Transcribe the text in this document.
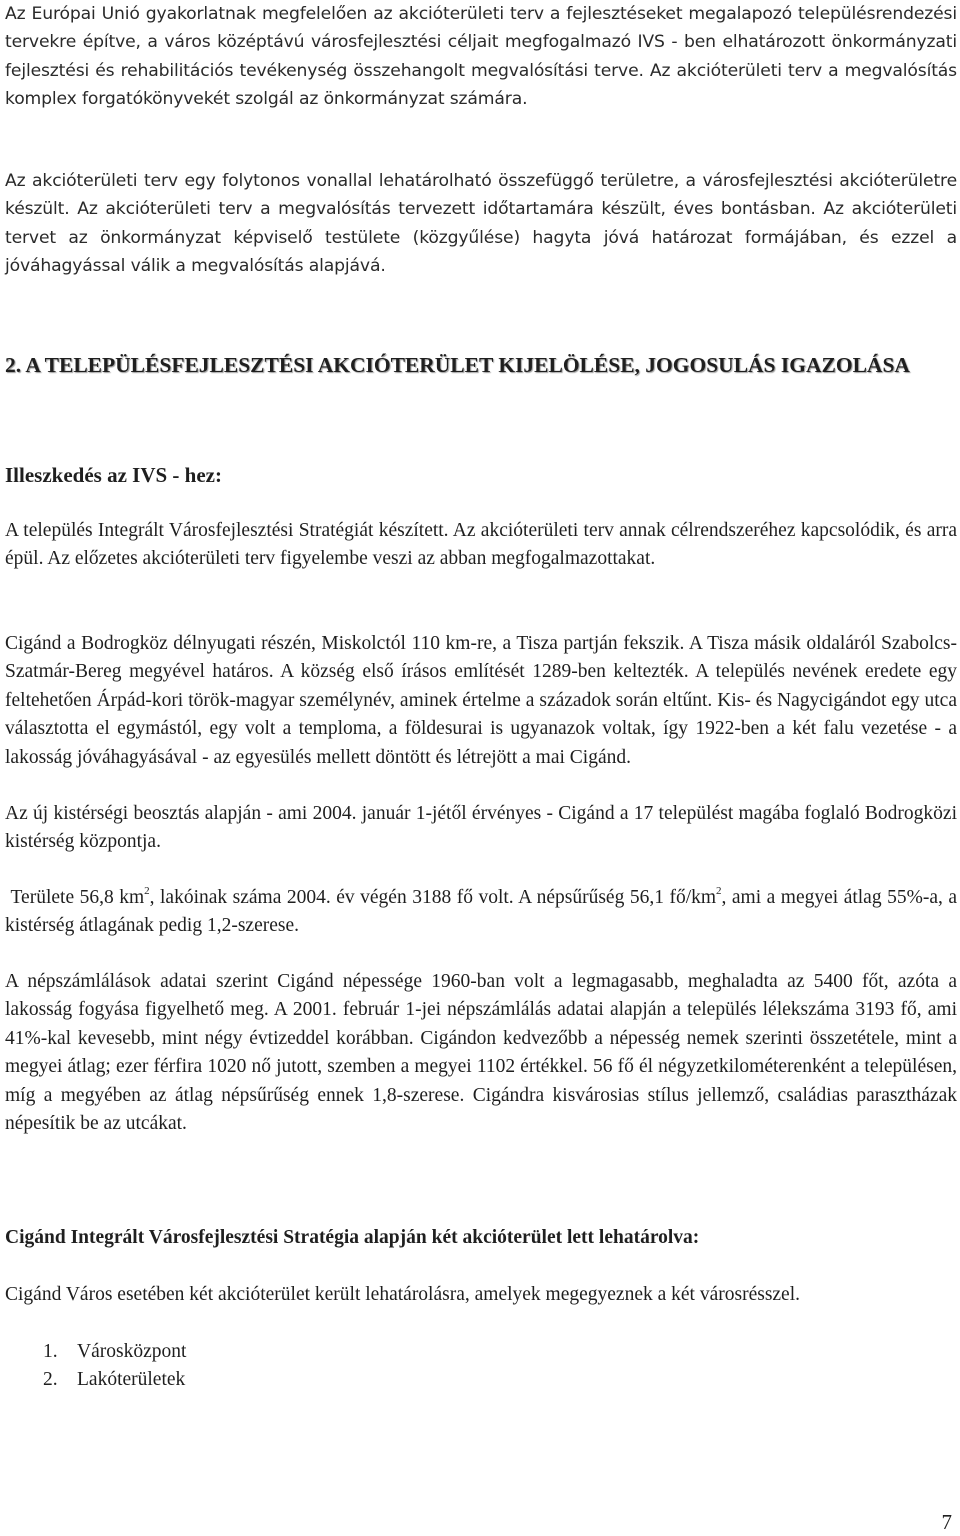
Az Európai Unió gyakorlatnak megfelelően az akcióterületi terv a fejlesztéseket megalapozó településrendezési tervekre építve, a város középtávú városfejlesztési céljait megfogalmazó IVS - ben elhatározott önkormányzati fejlesztési és rehabilitációs tevékenység összehangolt megvalósítási terve. Az akcióterületi terv a megvalósítás komplex forgatókönyvekét szolgál az önkormányzat számára.

Az akcióterületi terv egy folytonos vonallal lehatárolható összefüggő területre, a városfejlesztési akcióterületre készült. Az akcióterületi terv a megvalósítás tervezett időtartamára készült, éves bontásban. Az akcióterületi tervet az önkormányzat képviselő testülete (közgyűlése) hagyta jóvá határozat formájában, és ezzel a jóváhagyással válik a megvalósítás alapjává.

2. A TELEPÜLÉSFEJLESZTÉSI AKCIÓTERÜLET KIJELÖLÉSE, JOGOSULÁS IGAZOLÁSA
Illeszkedés az IVS - hez:

A település Integrált Városfejlesztési Stratégiát készített. Az akcióterületi terv annak célrendszeréhez kapcsolódik, és arra épül. Az előzetes akcióterületi terv figyelembe veszi az abban megfogalmazottakat.

Cigánd a Bodrogköz délnyugati részén, Miskolctól 110 km-re, a Tisza partján fekszik. A Tisza másik oldaláról Szabolcs-Szatmár-Bereg megyével határos. A község első írásos említését 1289-ben keltezték. A település nevének eredete egy feltehetően Árpád-kori török-magyar személynév, aminek értelme a századok során eltűnt. Kis- és Nagycigándot egy utca választotta el egymástól, egy volt a temploma, a földesurai is ugyanazok voltak, így 1922-ben a két falu vezetése - a lakosság jóváhagyásával - az egyesülés mellett döntött és létrejött a mai Cigánd.

Az új kistérségi beosztás alapján - ami 2004. január 1-jétől érvényes - Cigánd a 17 települést magába foglaló Bodrogközi kistérség központja.

Területe 56,8 $km^2$, lakóinak száma 2004. év végén 3188 fő volt. A népsűrűség 56,1 $fő/km^2$, ami a megyei átlag 55%-a, a kistérség átlagának pedig 1,2-szerese.

A népszámlálások adatai szerint Cigánd népessége 1960-ban volt a legmagasabb, meghaladta az 5400 főt, azóta a lakosság fogyása figyelhető meg. A 2001. február 1-jei népszámlálás adatai alapján a település lélekszáma 3193 fő, ami 41%-kal kevesebb, mint négy évtizeddel korábban. Cigándon kedvezőbb a népesség nemek szerinti összetétele, mint a megyei átlag; ezer férfira 1020 nő jutott, szemben a megyei 1102 értékkel. 56 fő él négyzetkilométerenként a településen, míg a megyében az átlag népsűrűség ennek 1,8-szerese. Cigándra kisvárosias stílus jellemző, családias parasztházak népesítik be az utcákat.

Cigánd Integrált Városfejlesztési Stratégia alapján két akcióterület lett lehatárolva:

Cigánd Város esetében két akcióterület került lehatárolásra, amelyek megegyeznek a két városrésszel.

1. Városközpont
2. Lakóterületek
7
